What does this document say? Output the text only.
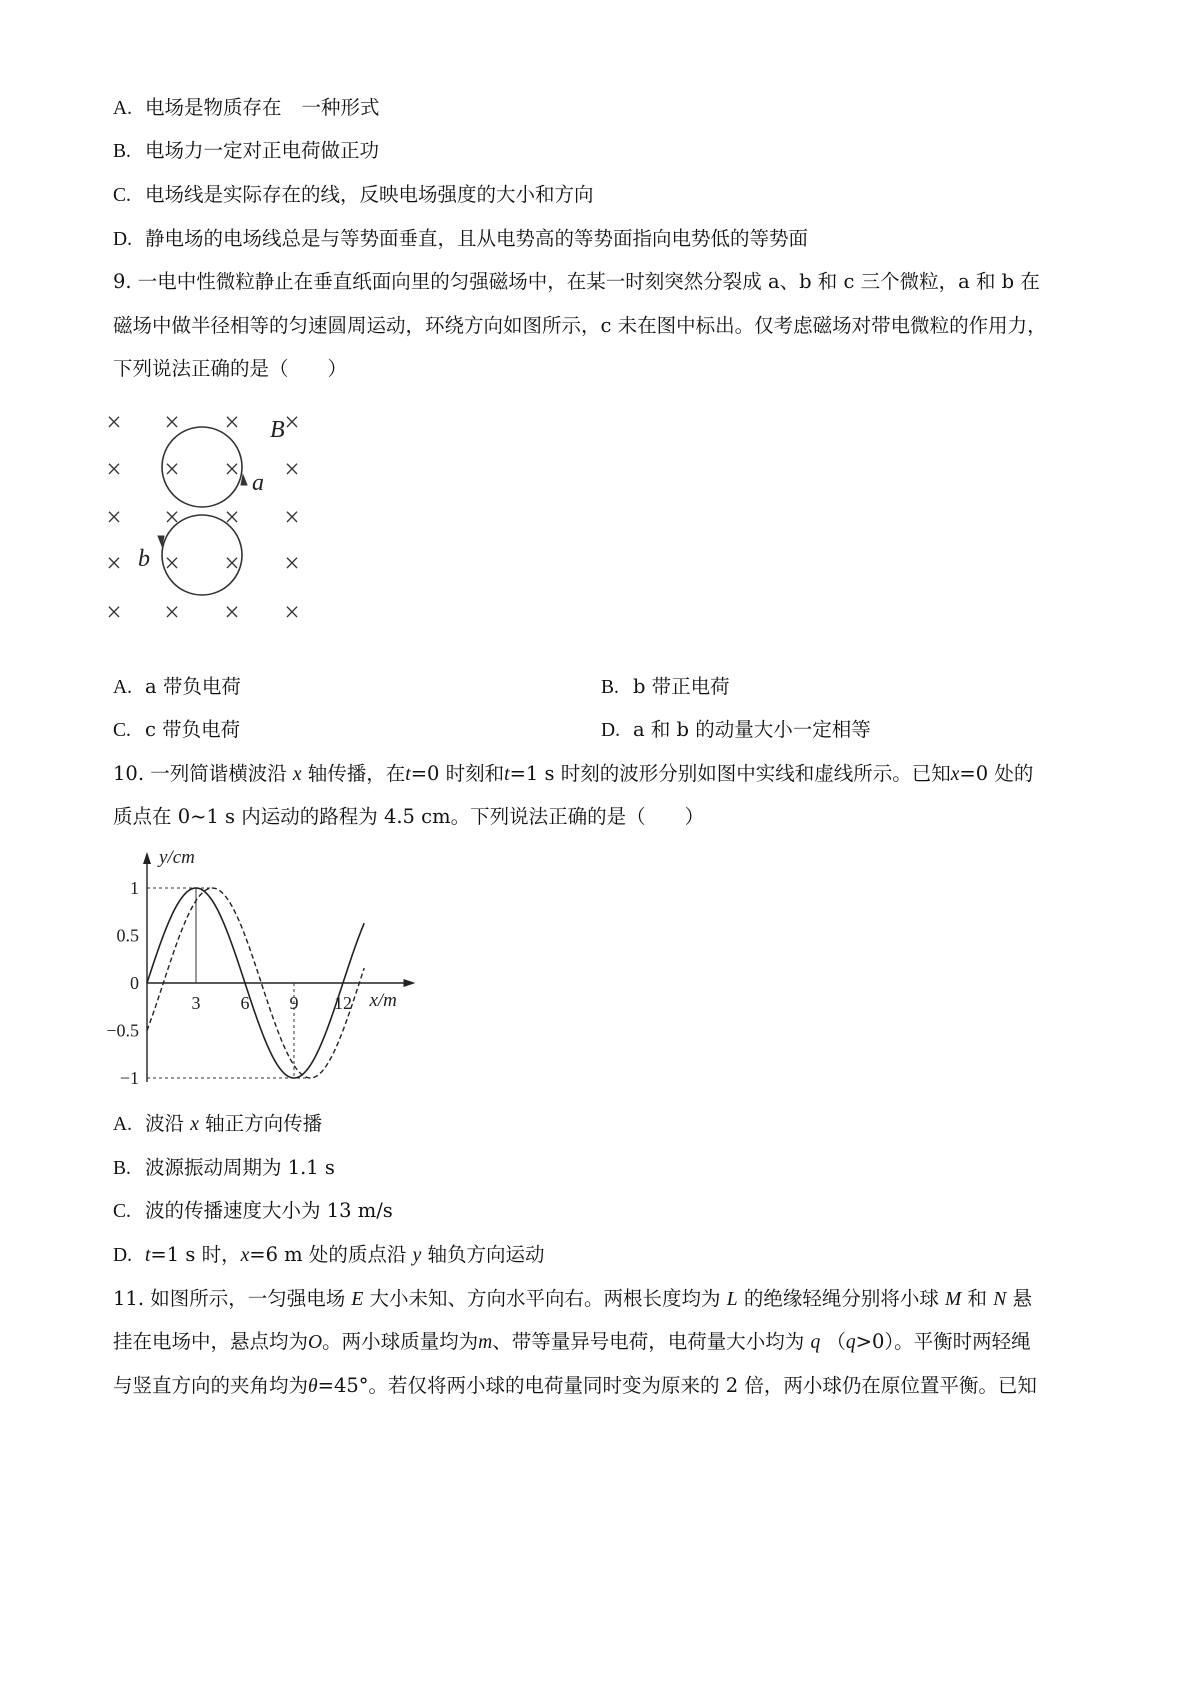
A. 电场是物质存在 一种形式
B. 电场力一定对正电荷做正功
C. 电场线是实际存在的线，反映电场强度的大小和方向
D. 静电场的电场线总是与等势面垂直，且从电势高的等势面指向电势低的等势面
9. 一电中性微粒静止在垂直纸面向里的匀强磁场中，在某一时刻突然分裂成 a、b 和 c 三个微粒，a 和 b 在
磁场中做半径相等的匀速圆周运动，环绕方向如图所示，c 未在图中标出。仅考虑磁场对带电微粒的作用力，
下列说法正确的是（　　）
× × × ×
× × × ×
× × × ×
× × × ×
× × × ×
B
a
b
A. a 带负电荷	B. b 带正电荷
C. c 带负电荷	D. a 和 b 的动量大小一定相等
10. 一列简谐横波沿 x 轴传播，在t=0 时刻和t=1 s 时刻的波形分别如图中实线和虚线所示。已知x=0 处的
质点在 0~1 s 内运动的路程为 4.5 cm。下列说法正确的是（　　）
y/cm
x/m
1
0.5
0
−0.5
−1
3 6 9 12
A. 波沿 x 轴正方向传播
B. 波源振动周期为 1.1 s
C. 波的传播速度大小为 13 m/s
D. t=1 s 时，x=6 m 处的质点沿 y 轴负方向运动
11. 如图所示，一匀强电场 E 大小未知、方向水平向右。两根长度均为 L 的绝缘轻绳分别将小球 M 和 N 悬
挂在电场中，悬点均为O。两小球质量均为m、带等量异号电荷，电荷量大小均为 q （q>0）。平衡时两轻绳
与竖直方向的夹角均为θ=45°。若仅将两小球的电荷量同时变为原来的 2 倍，两小球仍在原位置平衡。已知
